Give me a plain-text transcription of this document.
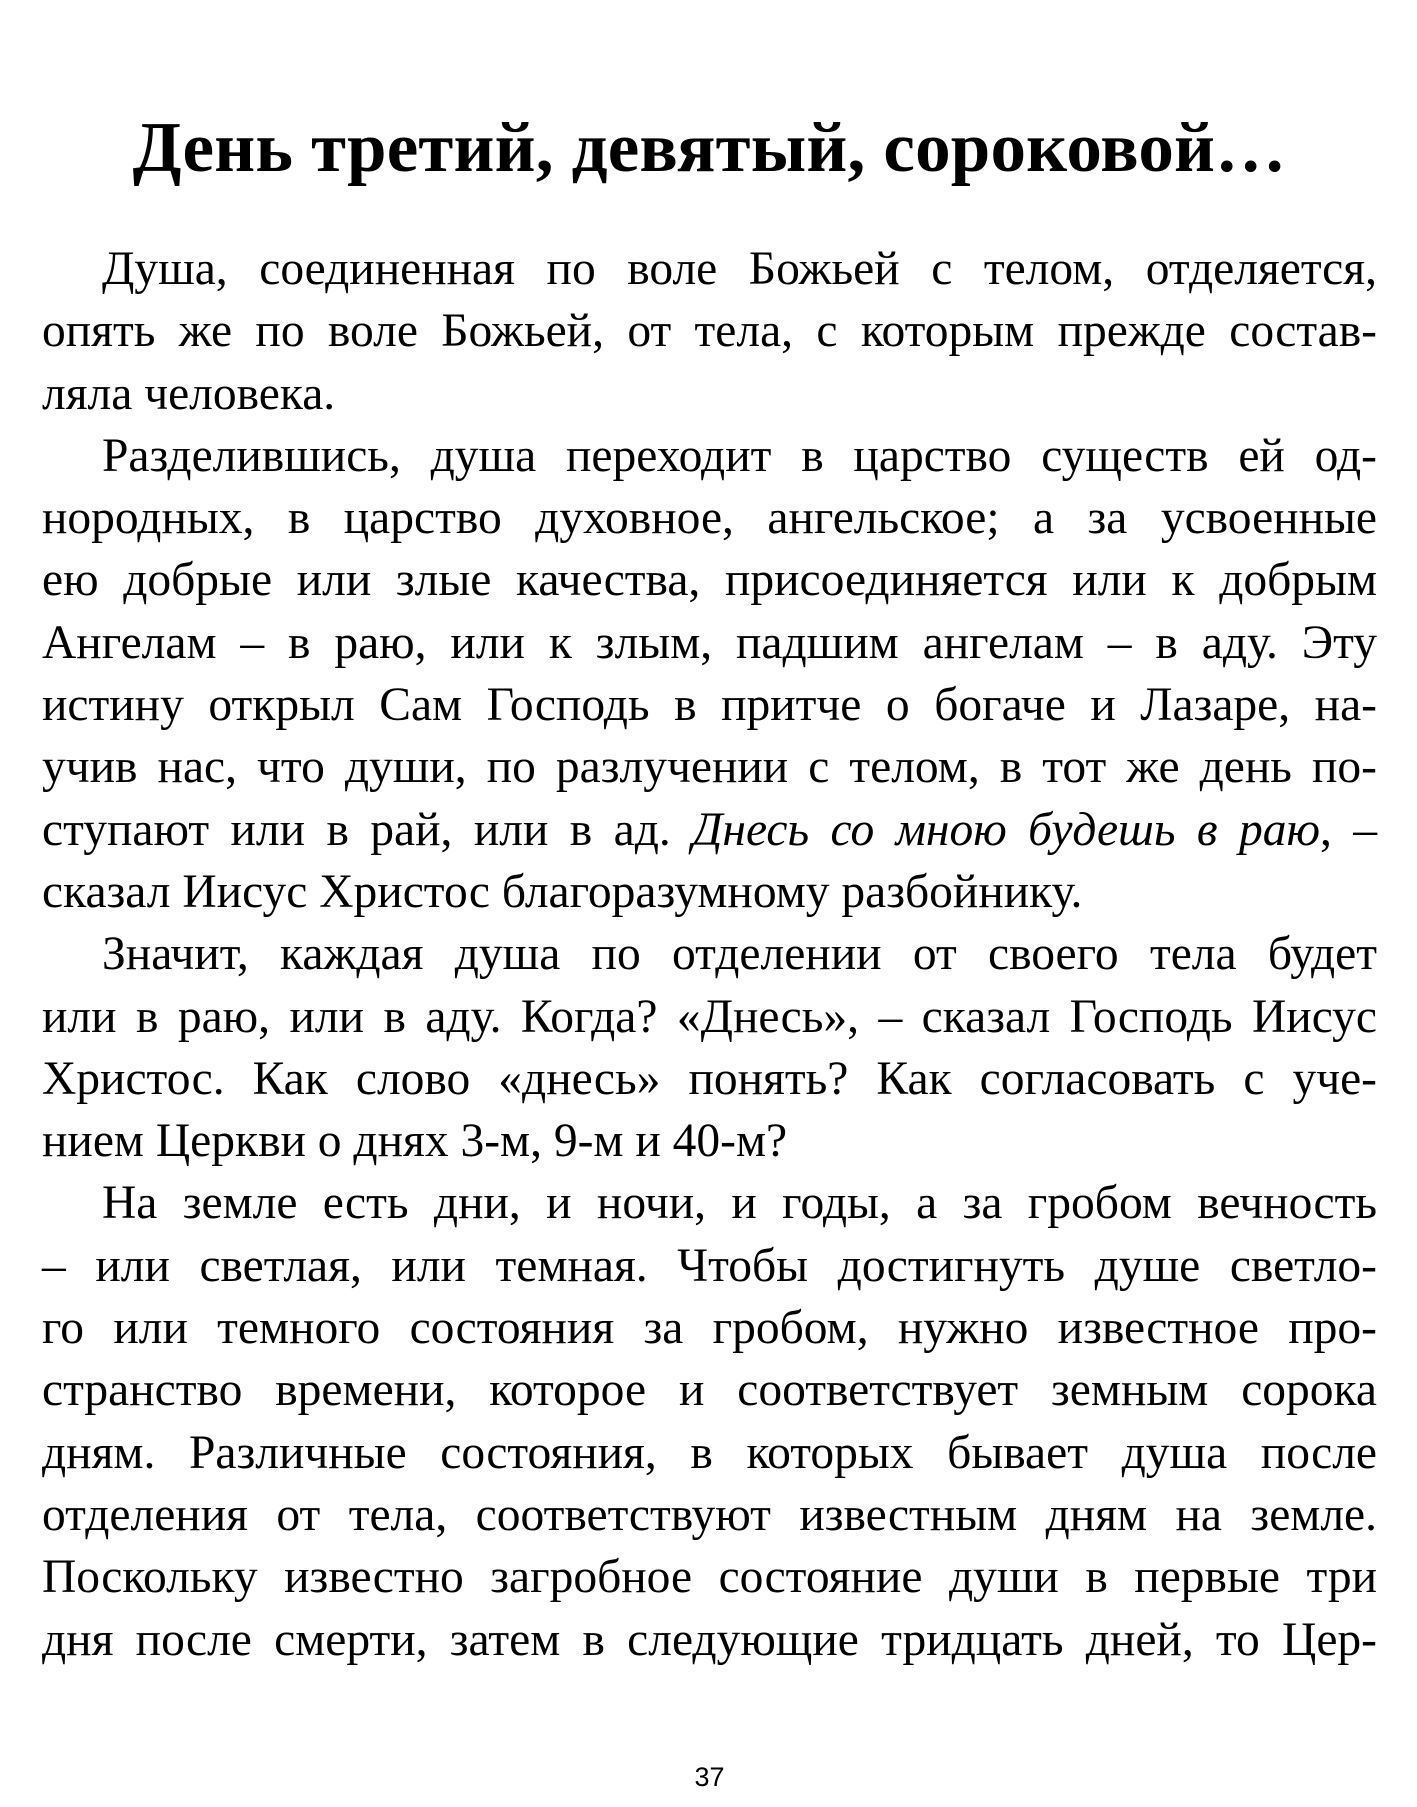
День третий, девятый, сороковой…
Душа, соединенная по воле Божьей с телом, отделяется,
опять же по воле Божьей, от тела, с которым прежде состав-
ляла человека.
Разделившись, душа переходит в царство существ ей од-
нородных, в царство духовное, ангельское; а за усвоенные
ею добрые или злые качества, присоединяется или к добрым
Ангелам – в раю, или к злым, падшим ангелам – в аду. Эту
истину открыл Сам Господь в притче о богаче и Лазаре, на-
учив нас, что души, по разлучении с телом, в тот же день по-
ступают или в рай, или в ад. Днесь со мною будешь в раю, –
сказал Иисус Христос благоразумному разбойнику.
Значит, каждая душа по отделении от своего тела будет
или в раю, или в аду. Когда? «Днесь», – сказал Господь Иисус
Христос. Как слово «днесь» понять? Как согласовать с уче-
нием Церкви о днях 3-м, 9-м и 40-м?
На земле есть дни, и ночи, и годы, а за гробом вечность
– или светлая, или темная. Чтобы достигнуть душе светло-
го или темного состояния за гробом, нужно известное про-
странство времени, которое и соответствует земным сорока
дням. Различные состояния, в которых бывает душа после
отделения от тела, соответствуют известным дням на земле.
Поскольку известно загробное состояние души в первые три
дня после смерти, затем в следующие тридцать дней, то Цер-
37
